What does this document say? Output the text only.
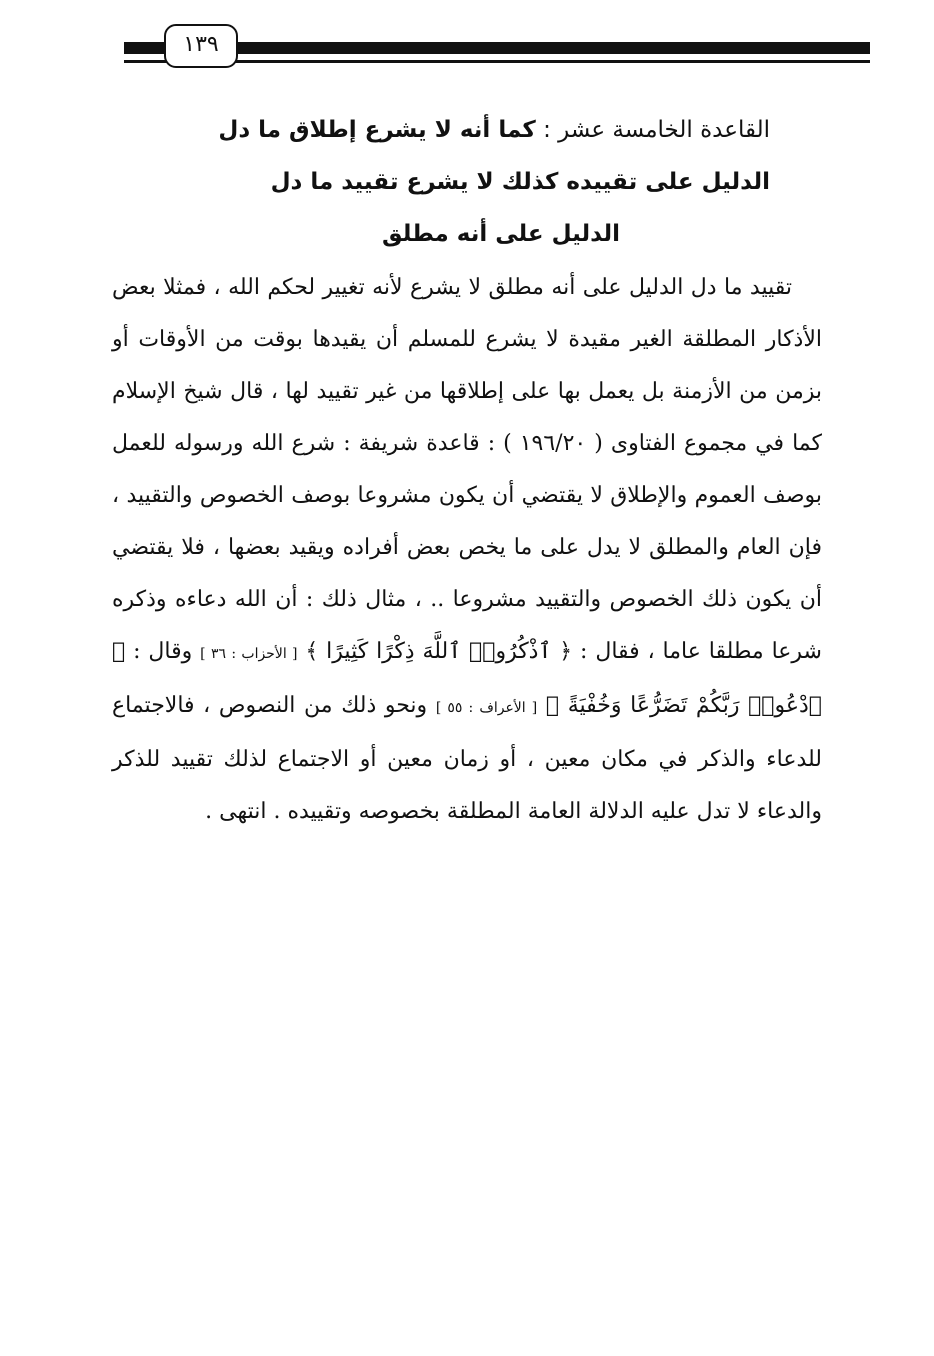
١٣٩
القاعدة الخامسة عشر : كما أنه لا يشرع إطلاق ما دل
الدليل على تقييده كذلك لا يشرع تقييد ما دل

الدليل على أنه مطلق

تقييد ما دل الدليل على أنه مطلق لا يشرع لأنه تغيير لحكم الله ، فمثلا بعض الأذكار المطلقة الغير مقيدة لا يشرع للمسلم أن يقيدها بوقت من الأوقات أو بزمن من الأزمنة بل يعمل بها على إطلاقها من غير تقييد لها ، قال شيخ الإسلام كما في مجموع الفتاوى ( ١٩٦/٢٠ ) : قاعدة شريفة : شرع الله ورسوله للعمل بوصف العموم والإطلاق لا يقتضي أن يكون مشروعا بوصف الخصوص والتقييد ، فإن العام والمطلق لا يدل على ما يخص بعض أفراده ويقيد بعضها ، فلا يقتضي أن يكون ذلك الخصوص والتقييد مشروعا .. ، مثال ذلك : أن الله دعاءه وذكره شرعا مطلقا عاما ، فقال : ﴿ ٱذْكُرُوا۟ ٱللَّهَ ذِكْرًا كَثِيرًا ﴾ [ الأحزاب : ٣٦ ] وقال : ﴿ ٱدْعُوا۟ رَبَّكُمْ تَضَرُّعًا وَخُفْيَةً ﴾ [ الأعراف : ٥٥ ] ونحو ذلك من النصوص ، فالاجتماع للدعاء والذكر في مكان معين ، أو زمان معين أو الاجتماع لذلك تقييد للذكر والدعاء لا تدل عليه الدلالة العامة المطلقة بخصوصه وتقييده . انتهى .
